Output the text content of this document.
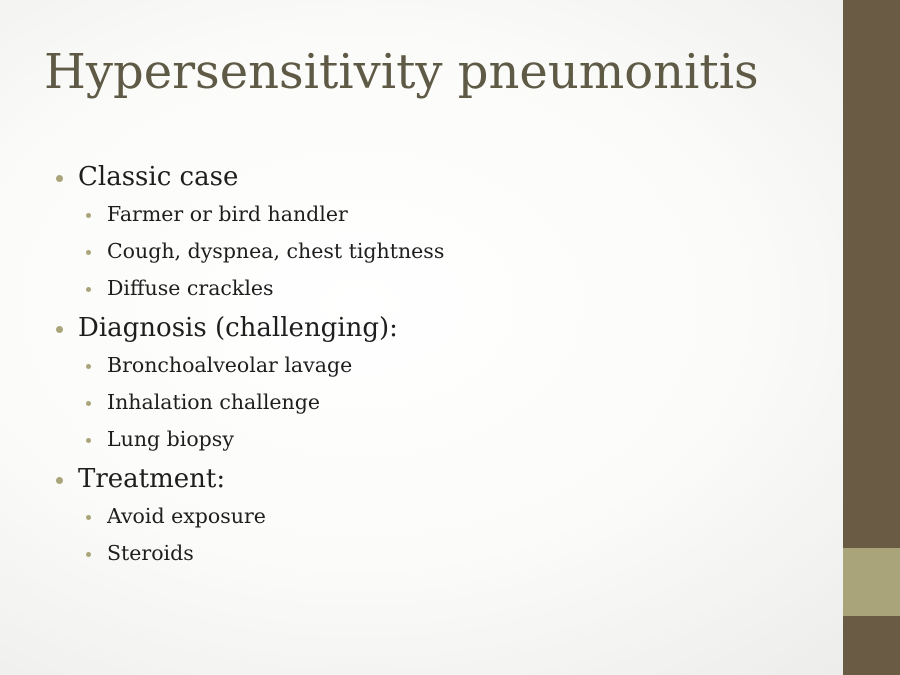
Hypersensitivity pneumonitis
Classic case
Farmer or bird handler
Cough, dyspnea, chest tightness
Diffuse crackles
Diagnosis (challenging):
Bronchoalveolar lavage
Inhalation challenge
Lung biopsy
Treatment:
Avoid exposure
Steroids
